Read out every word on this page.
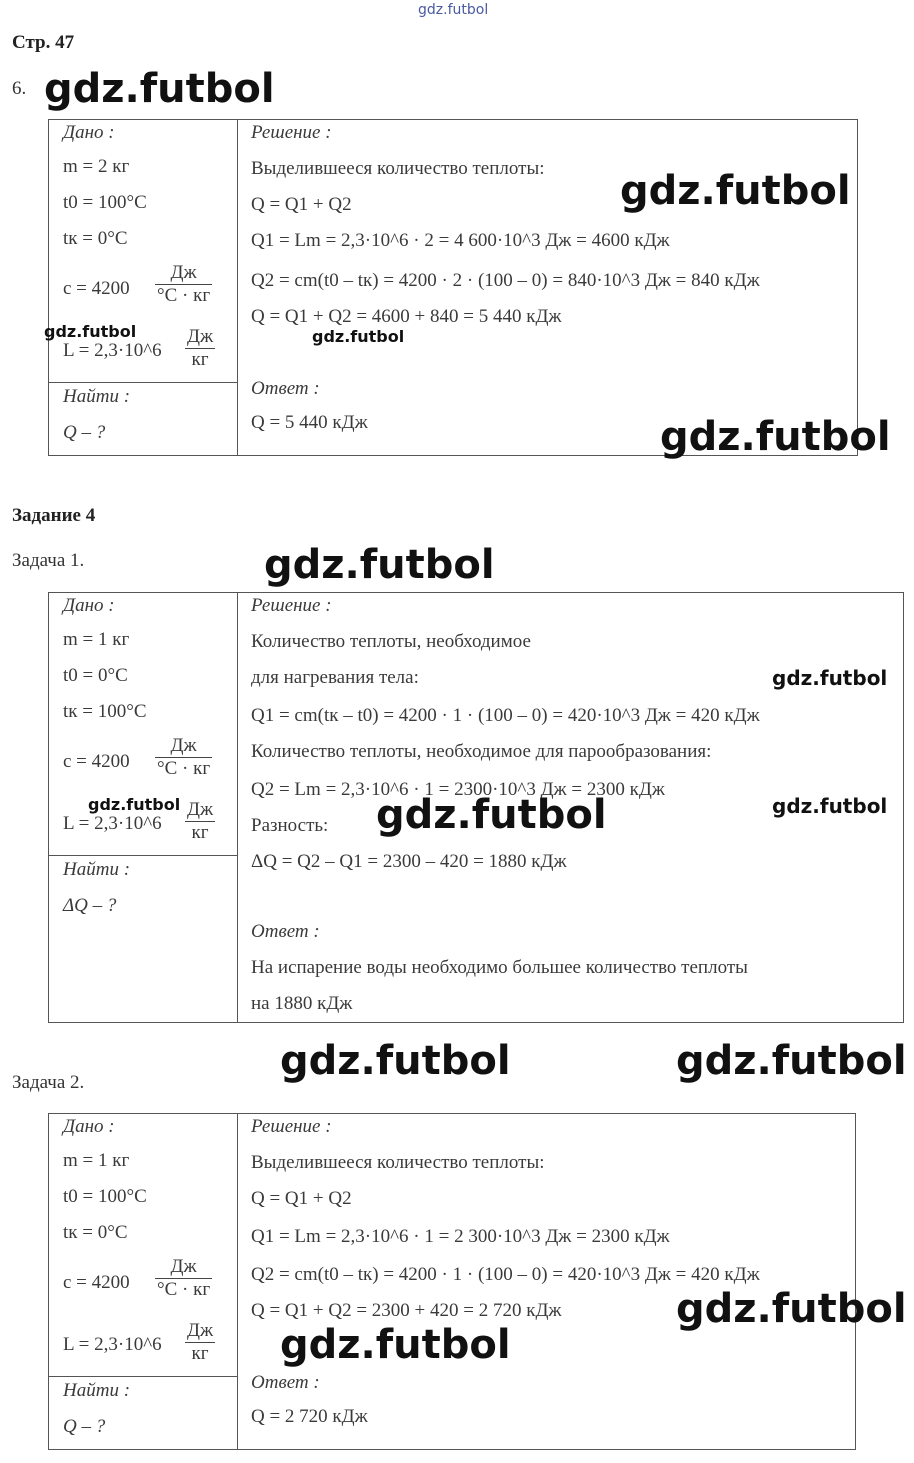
gdz.futbol
Стр. 47
6. gdz.futbol
Дано :
m = 2 кг
t0 = 100°C
tк = 0°C
c = 4200
Дж
°C · кг
L = 2,3·10^6
Дж
кг
Найти :
Q – ?
Решение :
Выделившееся количество теплоты:
Q = Q1 + Q2
Q1 = Lm = 2,3·10^6 · 2 = 4 600·10^3 Дж = 4600 кДж
Q2 = cm(t0 – tк) = 4200 · 2 · (100 – 0) = 840·10^3 Дж = 840 кДж
Q = Q1 + Q2 = 4600 + 840 = 5 440 кДж
Ответ :
Q = 5 440 кДж
gdz.futbol
gdz.futbol	gdz.futbol
gdz.futbol
Задание 4
Задача 1.	gdz.futbol
Дано :
m = 1 кг
t0 = 0°C
tк = 100°C
c = 4200
Дж
°C · кг
L = 2,3·10^6
Дж
кг
Найти :
ΔQ – ?
Решение :
Количество теплоты, необходимое
для нагревания тела:
Q1 = cm(tк – t0) = 4200 · 1 · (100 – 0) = 420·10^3 Дж = 420 кДж
Количество теплоты, необходимое для парообразования:
Q2 = Lm = 2,3·10^6 · 1 = 2300·10^3 Дж = 2300 кДж
Разность:
ΔQ = Q2 – Q1 = 2300 – 420 = 1880 кДж
Ответ :
На испарение воды необходимо большее количество теплоты
на 1880 кДж
gdz.futbol
gdz.futbol	gdz.futbol	gdz.futbol
Задача 2.	gdz.futbol	gdz.futbol
Дано :
m = 1 кг
t0 = 100°C
tк = 0°C
c = 4200
Дж
°C · кг
L = 2,3·10^6
Дж
кг
Найти :
Q – ?
Решение :
Выделившееся количество теплоты:
Q = Q1 + Q2
Q1 = Lm = 2,3·10^6 · 1 = 2 300·10^3 Дж = 2300 кДж
Q2 = cm(t0 – tк) = 4200 · 1 · (100 – 0) = 420·10^3 Дж = 420 кДж
Q = Q1 + Q2 = 2300 + 420 = 2 720 кДж
Ответ :
Q = 2 720 кДж
gdz.futbol
gdz.futbol
